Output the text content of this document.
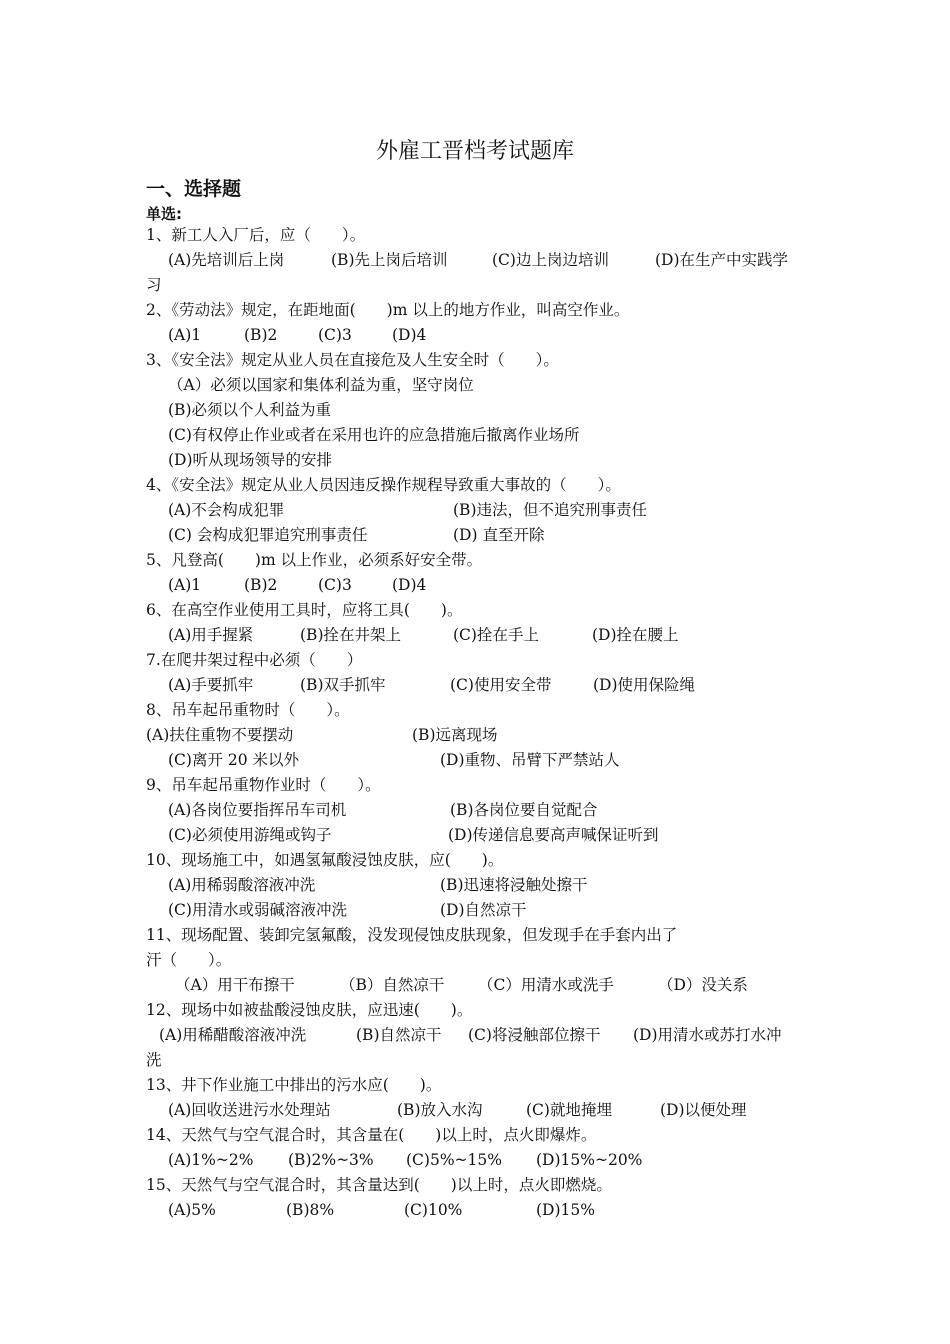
外雇工晋档考试题库
一、选择题
单选:
1、新工人入厂后，应（　　）。
(A)先培训后上岗	(B)先上岗后培训	(C)边上岗边培训	(D)在生产中实践学
习
2、《劳动法》规定，在距地面(　　)m 以上的地方作业，叫高空作业。
(A)1	(B)2	(C)3	(D)4
3、《安全法》规定从业人员在直接危及人生安全时（　　）。
（A）必须以国家和集体利益为重，坚守岗位
(B)必须以个人利益为重
(C)有权停止作业或者在采用也许的应急措施后撤离作业场所
(D)听从现场领导的安排
4、《安全法》规定从业人员因违反操作规程导致重大事故的（　　）。
(A)不会构成犯罪	(B)违法，但不追究刑事责任
(C) 会构成犯罪追究刑事责任	(D) 直至开除
5、凡登高(　　)m 以上作业，必须系好安全带。
(A)1	(B)2	(C)3	(D)4
6、在高空作业使用工具时，应将工具(　　)。
(A)用手握紧	(B)拴在井架上	(C)拴在手上	(D)拴在腰上
7.在爬井架过程中必须（　　）
(A)手要抓牢	(B)双手抓牢	(C)使用安全带	(D)使用保险绳
8、吊车起吊重物时（　　）。
(A)扶住重物不要摆动	(B)远离现场
(C)离开 20 米以外	(D)重物、吊臂下严禁站人
9、吊车起吊重物作业时（　　）。
(A)各岗位要指挥吊车司机	(B)各岗位要自觉配合
(C)必须使用游绳或钩子	(D)传递信息要高声喊保证听到
10、现场施工中，如遇氢氟酸浸蚀皮肤，应(　　)。
(A)用稀弱酸溶液冲洗	(B)迅速将浸触处擦干
(C)用清水或弱碱溶液冲洗	(D)自然凉干
11、现场配置、装卸完氢氟酸，没发现侵蚀皮肤现象，但发现手在手套内出了
汗（　　）。
（A）用干布擦干	（B）自然凉干 （C）用清水或洗手	（D）没关系
12、现场中如被盐酸浸蚀皮肤，应迅速(　　)。
(A)用稀醋酸溶液冲洗	(B)自然凉干 (C)将浸触部位擦干 (D)用清水或苏打水冲
洗
13、井下作业施工中排出的污水应(　　)。
(A)回收送进污水处理站	(B)放入水沟	(C)就地掩埋	(D)以便处理
14、天然气与空气混合时，其含量在(　　)以上时，点火即爆炸。
(A)1%~2% (B)2%~3% (C)5%~15% (D)15%~20%
15、天然气与空气混合时，其含量达到(　　)以上时，点火即燃烧。
(A)5%	(B)8%	(C)10%	(D)15%
